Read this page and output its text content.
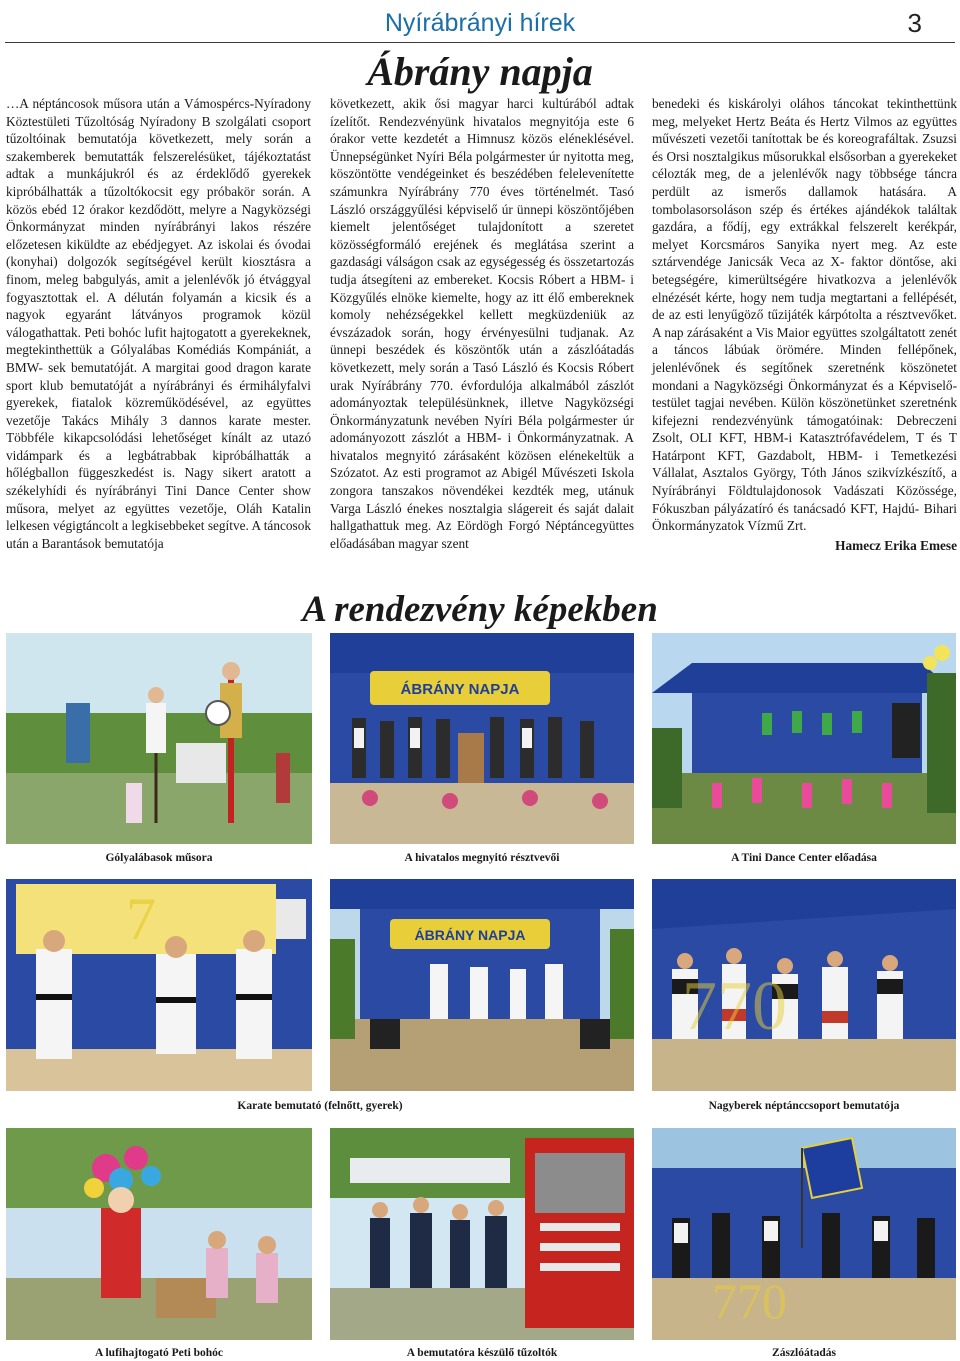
Nyírábrányi hírek	3
Ábrány napja

…A néptáncosok műsora után a Vámospércs-Nyíradony Köztestületi Tűzoltóság Nyíradony B szolgálati csoport tűzoltóinak bemutatója következett, mely során a szakemberek bemutatták felszerelésüket, tájékoztatást adtak a munkájukról és az érdeklődő gyerekek kipróbálhatták a tűzoltókocsit egy próbakör során. A közös ebéd 12 órakor kezdődött, melyre a Nagyközségi Önkormányzat minden nyírábrányi lakos részére előzetesen kiküldte az ebédjegyet. Az iskolai és óvodai (konyhai) dolgozók segítségével került kiosztásra a finom, meleg babgulyás, amit a jelenlévők jó étvággyal fogyasztottak el. A délután folyamán a kicsik és a nagyok egyaránt látványos programok közül válogathattak. Peti bohóc lufit hajtogatott a gyerekeknek, megtekinthettük a Gólyalábas Komédiás Kompániát, a BMW- sek bemutatóját. A margitai good dragon karate sport klub bemutatóját a nyírábrányi és érmihályfalvi gyerekek, fiatalok közreműködésével, az együttes vezetője Takács Mihály 3 dannos karate mester. Többféle kikapcsolódási lehetőséget kínált az utazó vidámpark és a legbátrabbak kipróbálhatták a hőlégballon függeszkedést is. Nagy sikert aratott a székelyhídi és nyírábrányi Tini Dance Center show műsora, melyet az együttes vezetője, Oláh Katalin lelkesen végigtáncolt a legkisebbeket segítve. A táncosok után a Barantások bemutatója

következett, akik ősi magyar harci kultúrából adtak ízelítőt. Rendezvényünk hivatalos megnyitója este 6 órakor vette kezdetét a Himnusz közös eléneklésével. Ünnepségünket Nyíri Béla polgármester úr nyitotta meg, köszöntötte vendégeinket és beszédében felelevenítette számunkra Nyírábrány 770 éves történelmét. Tasó László országgyűlési képviselő úr ünnepi köszöntőjében kiemelt jelentőséget tulajdonított a szeretet közösségformáló erejének és meglátása szerint a gazdasági válságon csak az egységesség és összetartozás tudja átsegíteni az embereket. Kocsis Róbert a HBM- i Közgyűlés elnöke kiemelte, hogy az itt élő embereknek komoly nehézségekkel kellett megküzdeniük az évszázadok során, hogy érvényesülni tudjanak. Az ünnepi beszédek és köszöntők után a zászlóátadás következett, mely során a Tasó László és Kocsis Róbert urak Nyírábrány 770. évfordulója alkalmából zászlót adományoztak településünknek, illetve Nagyközségi Önkormányzatunk nevében Nyíri Béla polgármester úr adományozott zászlót a HBM- i Önkormányzatnak. A hivatalos megnyitó zárásaként közösen elénekeltük a Szózatot. Az esti programot az Abigél Művészeti Iskola zongora tanszakos növendékei kezdték meg, utánuk Varga László énekes nosztalgia slágereit és saját dalait hallgathattuk meg. Az Eördögh Forgó Néptáncegyüttes előadásában magyar szent

benedeki és kiskárolyi oláhos táncokat tekinthettünk meg, melyeket Hertz Beáta és Hertz Vilmos az együttes művészeti vezetői tanítottak be és koreografáltak. Zsuzsi és Orsi nosztalgikus műsorukkal elsősorban a gyerekeket célozták meg, de a jelenlévők nagy többsége táncra perdült az ismerős dallamok hatására. A tombolasorsoláson szép és értékes ajándékok találtak gazdára, a fődíj, egy extrákkal felszerelt kerékpár, melyet Korcsmáros Sanyika nyert meg. Az este sztárvendége Janicsák Veca az X- faktor döntőse, aki betegségére, kimerültségére hivatkozva a jelenlévők elnézését kérte, hogy nem tudja megtartani a fellépését, de az esti lenyűgöző tűzijáték kárpótolta a résztvevőket. A nap zárásaként a Vis Maior együttes szolgáltatott zenét a táncos lábúak örömére. Minden fellépőnek, jelenlévőnek és segítőnek szeretnénk köszönetet mondani a Nagyközségi Önkormányzat és a Képviselő- testület tagjai nevében. Külön köszönetünket szeretnénk kifejezni rendezvényünk támogatóinak: Debreczeni Zsolt, OLI KFT, HBM-i Katasztrófavédelem, T és T Határpont KFT, Gazdabolt, HBM- i Temetkezési Vállalat, Asztalos György, Tóth János szikvízkészítő, a Nyírábrányi Földtulajdonosok Vadászati Közössége, Fókuszban pályázatíró és tanácsadó KFT, Hajdú- Bihari Önkormányzatok Vízmű Zrt.

Hamecz Erika Emese

A rendezvény képekben
Gólyalábasok műsora
ÁBRÁNY NAPJA
A hivatalos megnyitó résztvevői	A Tini Dance Center előadása
7	ÁBRÁNY NAPJA
Karate bemutató (felnőtt, gyerek)
770
Nagyberek néptánccsoport bemutatója
A lufihajtogató Peti bohóc	A bemutatóra készülő tűzoltók
770
Zászlóátadás
